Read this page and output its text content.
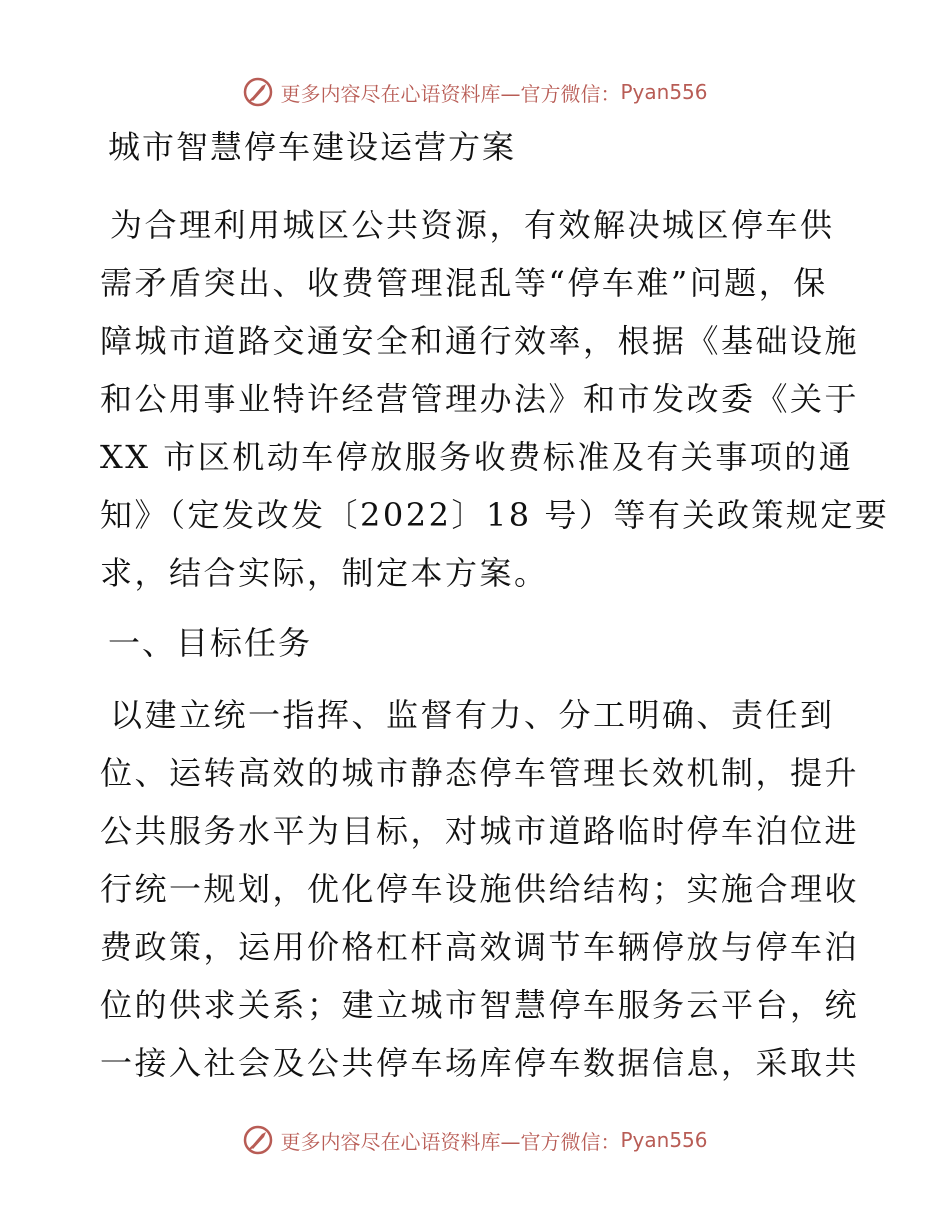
更多内容尽在心语资料库—官方微信： Pyan556
城市智慧停车建设运营方案
为合理利用城区公共资源，有效解决城区停车供
需矛盾突出、收费管理混乱等“停车难”问题，保
障城市道路交通安全和通行效率，根据《基础设施
和公用事业特许经营管理办法》和市发改委《关于
XX 市区机动车停放服务收费标准及有关事项的通
知》（定发改发〔2022〕18 号）等有关政策规定要
求，结合实际，制定本方案。
一、目标任务
以建立统一指挥、监督有力、分工明确、责任到
位、运转高效的城市静态停车管理长效机制，提升
公共服务水平为目标，对城市道路临时停车泊位进
行统一规划，优化停车设施供给结构；实施合理收
费政策，运用价格杠杆高效调节车辆停放与停车泊
位的供求关系；建立城市智慧停车服务云平台，统
一接入社会及公共停车场库停车数据信息，采取共
更多内容尽在心语资料库—官方微信： Pyan556
